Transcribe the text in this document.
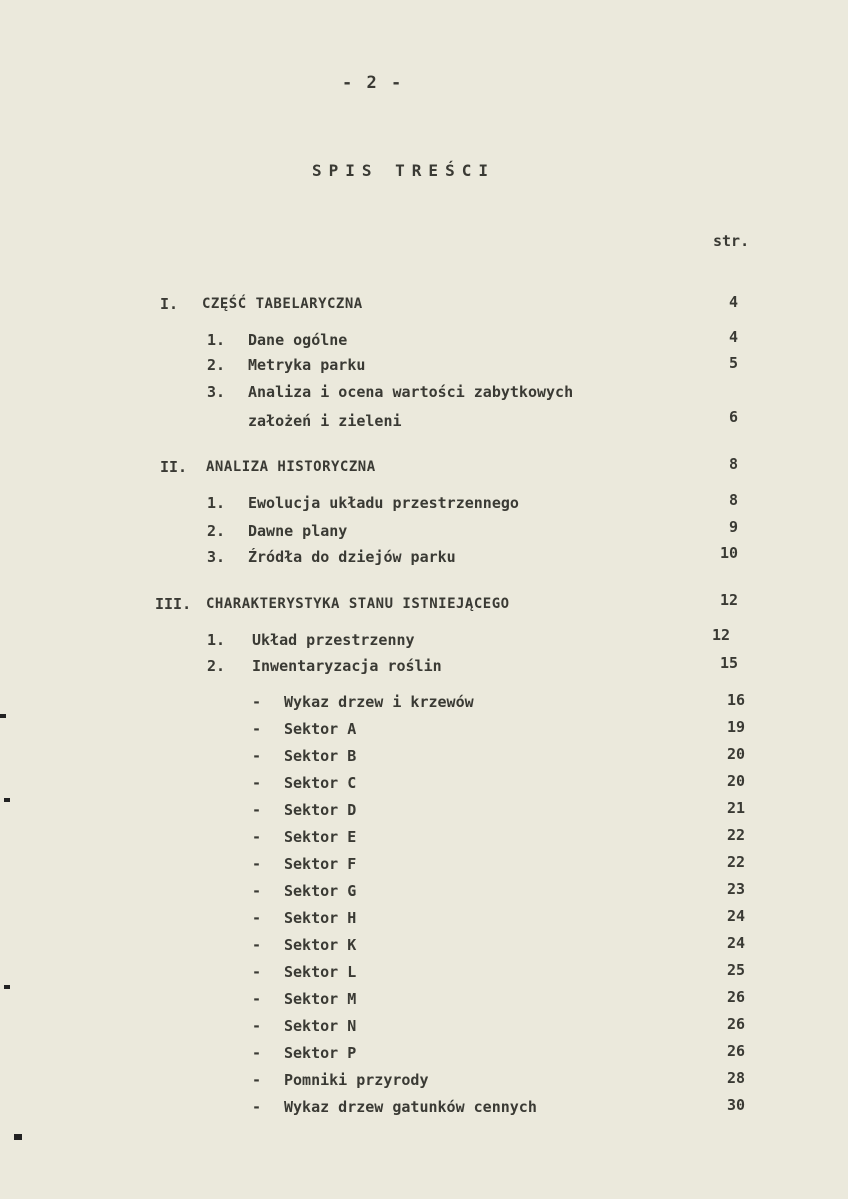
- 2 -
SPIS TREŚCI
str.
I. CZĘŚĆ TABELARYCZNA	4
1. Dane ogólne	4
2. Metryka parku	5
3. Analiza i ocena wartości zabytkowych
założeń i zieleni	6
II. ANALIZA HISTORYCZNA	8
1. Ewolucja układu przestrzennego	8
2. Dawne plany	9
3. Źródła do dziejów parku	10
III. CHARAKTERYSTYKA STANU ISTNIEJĄCEGO	12
1. Układ przestrzenny	12
2. Inwentaryzacja roślin	15
- Wykaz drzew i krzewów	16
- Sektor A	19
- Sektor B	20
- Sektor C	20
- Sektor D	21
- Sektor E	22
- Sektor F	22
- Sektor G	23
- Sektor H	24
- Sektor K	24
- Sektor L	25
- Sektor M	26
- Sektor N	26
- Sektor P	26
- Pomniki przyrody	28
- Wykaz drzew gatunków cennych	30
